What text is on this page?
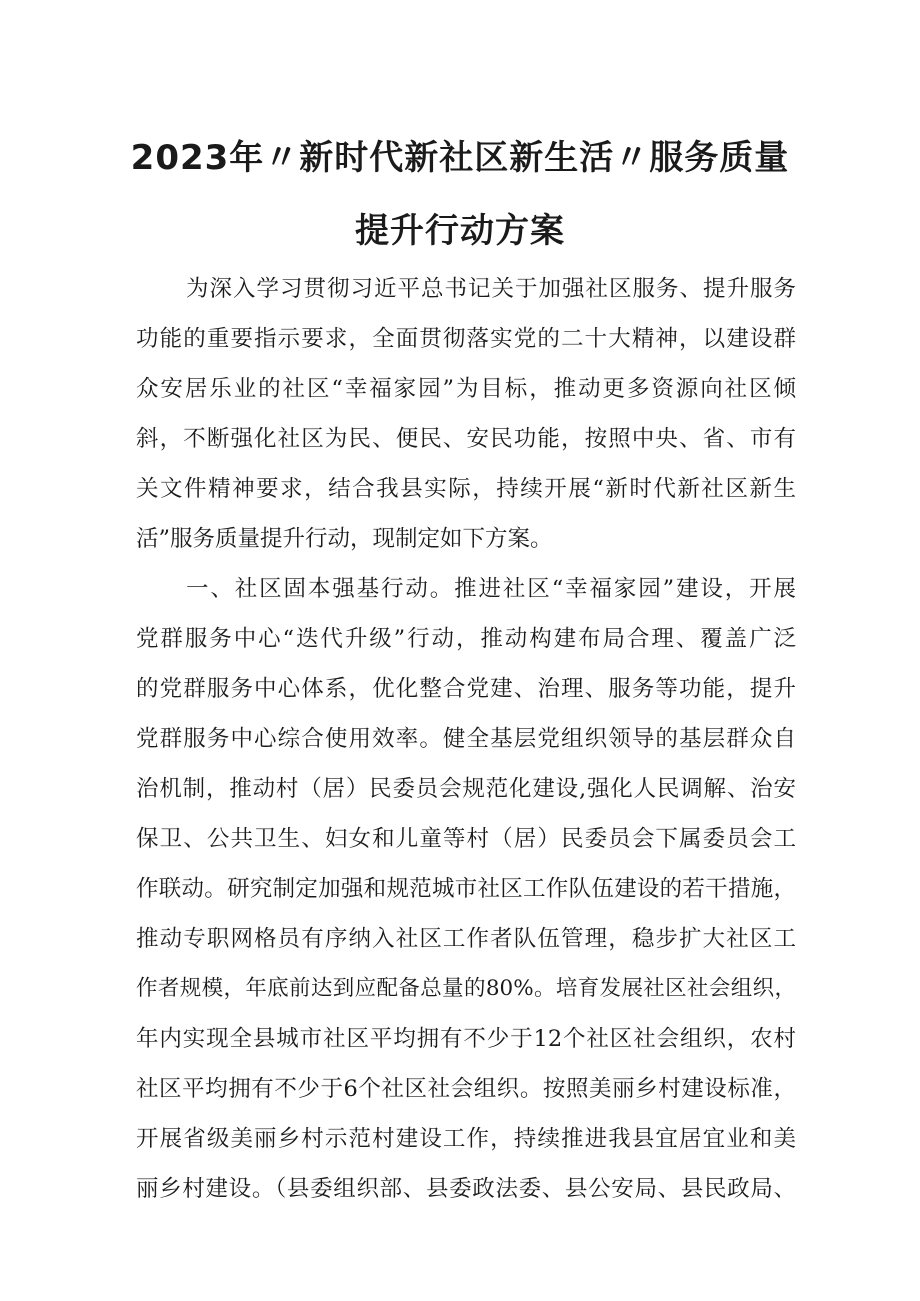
2023年〃新时代新社区新生活〃服务质量
提升行动方案
为深入学习贯彻习近平总书记关于加强社区服务、提升服务
功能的重要指示要求，全面贯彻落实党的二十大精神，以建设群
众安居乐业的社区“幸福家园”为目标，推动更多资源向社区倾
斜，不断强化社区为民、便民、安民功能，按照中央、省、市有
关文件精神要求，结合我县实际，持续开展“新时代新社区新生
活”服务质量提升行动，现制定如下方案。
一、社区固本强基行动。推进社区“幸福家园”建设，开展
党群服务中心“迭代升级”行动，推动构建布局合理、覆盖广泛
的党群服务中心体系，优化整合党建、治理、服务等功能，提升
党群服务中心综合使用效率。健全基层党组织领导的基层群众自
治机制，推动村（居）民委员会规范化建设,强化人民调解、治安
保卫、公共卫生、妇女和儿童等村（居）民委员会下属委员会工
作联动。研究制定加强和规范城市社区工作队伍建设的若干措施，
推动专职网格员有序纳入社区工作者队伍管理，稳步扩大社区工
作者规模，年底前达到应配备总量的80%。培育发展社区社会组织，
年内实现全县城市社区平均拥有不少于12个社区社会组织，农村
社区平均拥有不少于6个社区社会组织。按照美丽乡村建设标准，
开展省级美丽乡村示范村建设工作，持续推进我县宜居宜业和美
丽乡村建设。（县委组织部、县委政法委、县公安局、县民政局、
